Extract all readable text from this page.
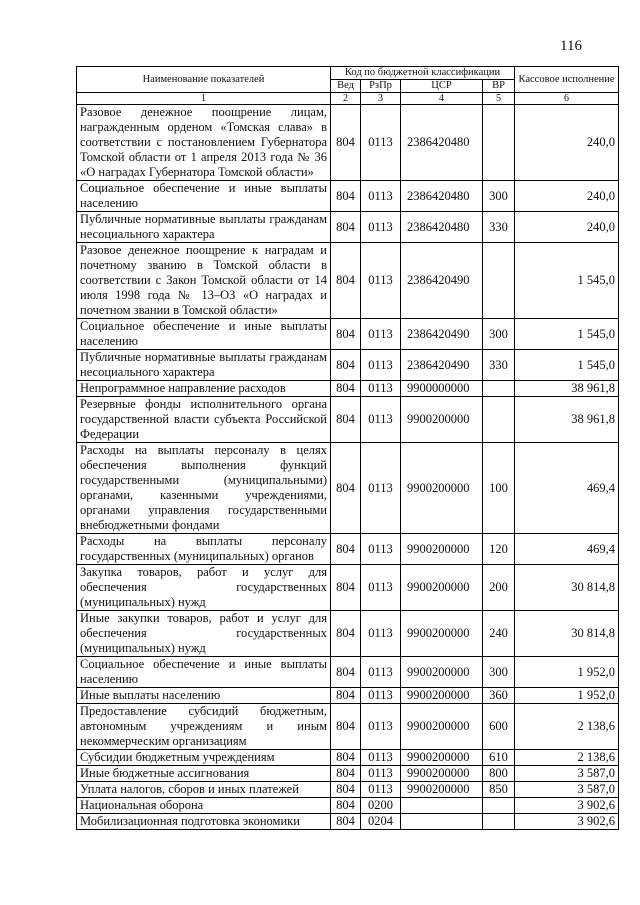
116
Наименование показателей	Код по бюджетной классификации				Кассовое исполнение
	Вед	РзПр	ЦСР	ВР	
1	2	3	4	5	6
Разовое денежное поощрение лицам, награжденным орденом «Томская слава» в соответствии с постановлением Губернатора Томской области от 1 апреля 2013 года № 36 «О наградах Губернатора Томской области»	804	0113	2386420480		240,0
Социальное обеспечение и иные выплаты населению	804	0113	2386420480	300	240,0
Публичные нормативные выплаты гражданам несоциального характера	804	0113	2386420480	330	240,0
Разовое денежное поощрение к наградам и почетному званию в Томской области в соответствии с Закон Томской области от 14 июля 1998 года № 13–ОЗ «О наградах и почетном звании в Томской области»	804	0113	2386420490		1 545,0
Социальное обеспечение и иные выплаты населению	804	0113	2386420490	300	1 545,0
Публичные нормативные выплаты гражданам несоциального характера	804	0113	2386420490	330	1 545,0
Непрограммное направление расходов	804	0113	9900000000		38 961,8
Резервные фонды исполнительного органа государственной власти субъекта Российской Федерации	804	0113	9900200000		38 961,8
Расходы на выплаты персоналу в целях обеспечения выполнения функций государственными (муниципальными) органами, казенными учреждениями, органами управления государственными внебюджетными фондами	804	0113	9900200000	100	469,4
Расходы на выплаты персоналу государственных (муниципальных) органов	804	0113	9900200000	120	469,4
Закупка товаров, работ и услуг для обеспечения государственных (муниципальных) нужд	804	0113	9900200000	200	30 814,8
Иные закупки товаров, работ и услуг для обеспечения государственных (муниципальных) нужд	804	0113	9900200000	240	30 814,8
Социальное обеспечение и иные выплаты населению	804	0113	9900200000	300	1 952,0
Иные выплаты населению	804	0113	9900200000	360	1 952,0
Предоставление субсидий бюджетным, автономным учреждениям и иным некоммерческим организациям	804	0113	9900200000	600	2 138,6
Субсидии бюджетным учреждениям	804	0113	9900200000	610	2 138,6
Иные бюджетные ассигнования	804	0113	9900200000	800	3 587,0
Уплата налогов, сборов и иных платежей	804	0113	9900200000	850	3 587,0
Национальная оборона	804	0200			3 902,6
Мобилизационная подготовка экономики	804	0204			3 902,6
